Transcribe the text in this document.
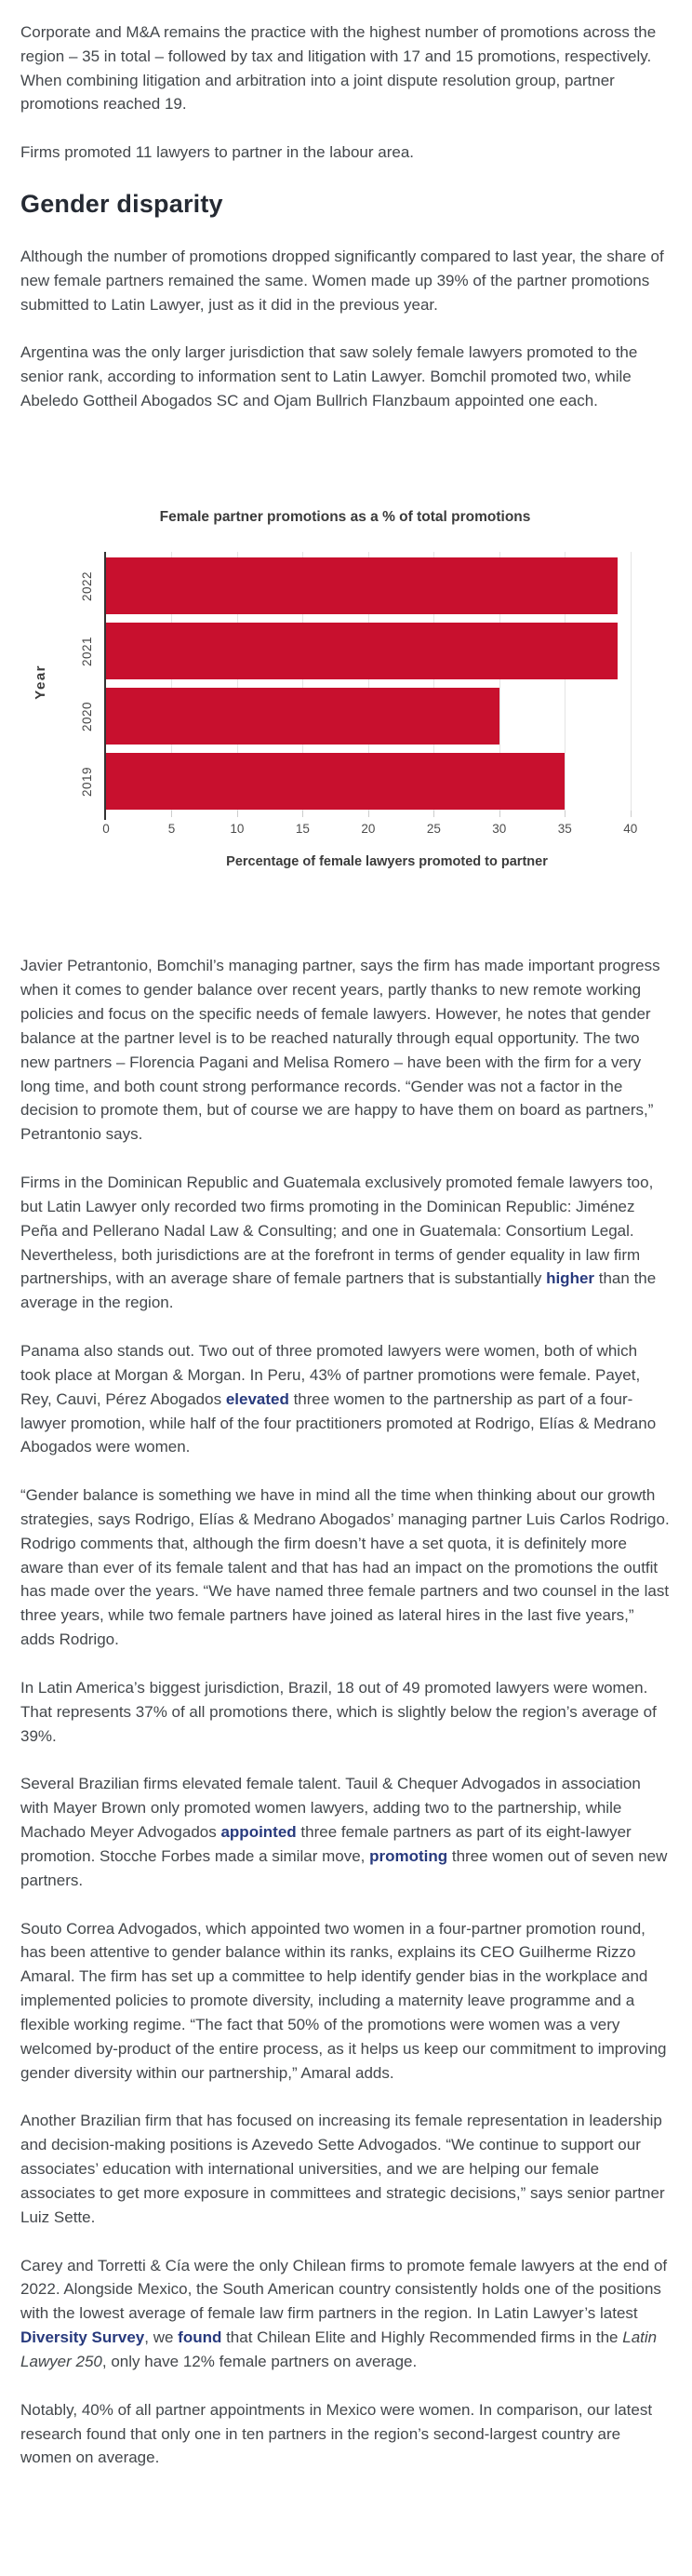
Corporate and M&A remains the practice with the highest number of promotions across the region – 35 in total – followed by tax and litigation with 17 and 15 promotions, respectively. When combining litigation and arbitration into a joint dispute resolution group, partner promotions reached 19.

Firms promoted 11 lawyers to partner in the labour area.

Gender disparity

Although the number of promotions dropped significantly compared to last year, the share of new female partners remained the same. Women made up 39% of the partner promotions submitted to Latin Lawyer, just as it did in the previous year.

Argentina was the only larger jurisdiction that saw solely female lawyers promoted to the senior rank, according to information sent to Latin Lawyer. Bomchil promoted two, while Abeledo Gottheil Abogados SC and Ojam Bullrich Flanzbaum appointed one each.

Female partner promotions as a % of total promotions
Year
2022
2021
2020
2019
0	5	10	15	20	25	30	35	40
Percentage of female lawyers promoted to partner

Javier Petrantonio, Bomchil’s managing partner, says the firm has made important progress when it comes to gender balance over recent years, partly thanks to new remote working policies and focus on the specific needs of female lawyers. However, he notes that gender balance at the partner level is to be reached naturally through equal opportunity. The two new partners – Florencia Pagani and Melisa Romero – have been with the firm for a very long time, and both count strong performance records. “Gender was not a factor in the decision to promote them, but of course we are happy to have them on board as partners,” Petrantonio says.

Firms in the Dominican Republic and Guatemala exclusively promoted female lawyers too, but Latin Lawyer only recorded two firms promoting in the Dominican Republic: Jiménez Peña and Pellerano Nadal Law & Consulting; and one in Guatemala: Consortium Legal. Nevertheless, both jurisdictions are at the forefront in terms of gender equality in law firm partnerships, with an average share of female partners that is substantially higher than the average in the region.

Panama also stands out. Two out of three promoted lawyers were women, both of which took place at Morgan & Morgan. In Peru, 43% of partner promotions were female. Payet, Rey, Cauvi, Pérez Abogados elevated three women to the partnership as part of a four-lawyer promotion, while half of the four practitioners promoted at Rodrigo, Elías & Medrano Abogados were women.

“Gender balance is something we have in mind all the time when thinking about our growth strategies, says Rodrigo, Elías & Medrano Abogados’ managing partner Luis Carlos Rodrigo. Rodrigo comments that, although the firm doesn’t have a set quota, it is definitely more aware than ever of its female talent and that has had an impact on the promotions the outfit has made over the years. “We have named three female partners and two counsel in the last three years, while two female partners have joined as lateral hires in the last five years,” adds Rodrigo.

In Latin America’s biggest jurisdiction, Brazil, 18 out of 49 promoted lawyers were women. That represents 37% of all promotions there, which is slightly below the region’s average of 39%.

Several Brazilian firms elevated female talent. Tauil & Chequer Advogados in association with Mayer Brown only promoted women lawyers, adding two to the partnership, while Machado Meyer Advogados appointed three female partners as part of its eight-lawyer promotion. Stocche Forbes made a similar move, promoting three women out of seven new partners.

Souto Correa Advogados, which appointed two women in a four-partner promotion round, has been attentive to gender balance within its ranks, explains its CEO Guilherme Rizzo Amaral. The firm has set up a committee to help identify gender bias in the workplace and implemented policies to promote diversity, including a maternity leave programme and a flexible working regime. “The fact that 50% of the promotions were women was a very welcomed by-product of the entire process, as it helps us keep our commitment to improving gender diversity within our partnership,” Amaral adds.

Another Brazilian firm that has focused on increasing its female representation in leadership and decision-making positions is Azevedo Sette Advogados. “We continue to support our associates’ education with international universities, and we are helping our female associates to get more exposure in committees and strategic decisions,” says senior partner Luiz Sette.

Carey and Torretti & Cía were the only Chilean firms to promote female lawyers at the end of 2022. Alongside Mexico, the South American country consistently holds one of the positions with the lowest average of female law firm partners in the region. In Latin Lawyer’s latest Diversity Survey, we found that Chilean Elite and Highly Recommended firms in the Latin Lawyer 250, only have 12% female partners on average.

Notably, 40% of all partner appointments in Mexico were women. In comparison, our latest research found that only one in ten partners in the region’s second-largest country are women on average.
